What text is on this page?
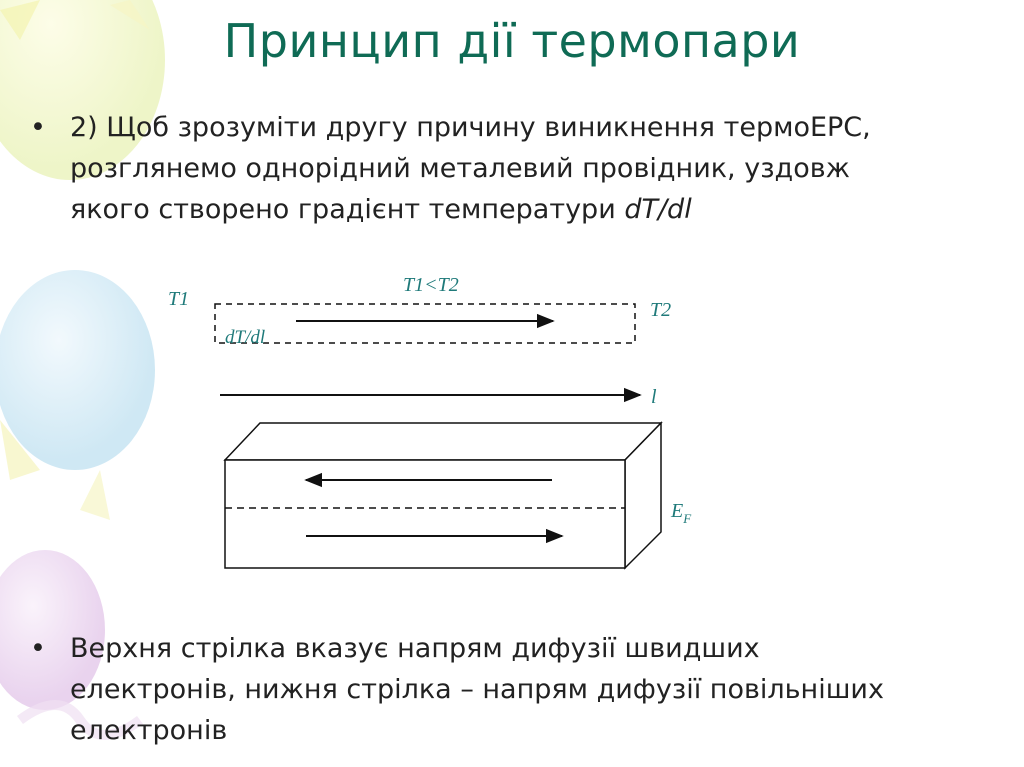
Принцип дії термопари
• 2) Щоб зрозуміти другу причину виникнення термоЕРС, розглянемо однорідний металевий провідник, уздовж якого створено градієнт температури dT/dl
T1
T1<T2
T2
dT/dl
l
$E_F$
• Верхня стрілка вказує напрям дифузії швидших електронів, нижня стрілка – напрям дифузії повільніших електронів
